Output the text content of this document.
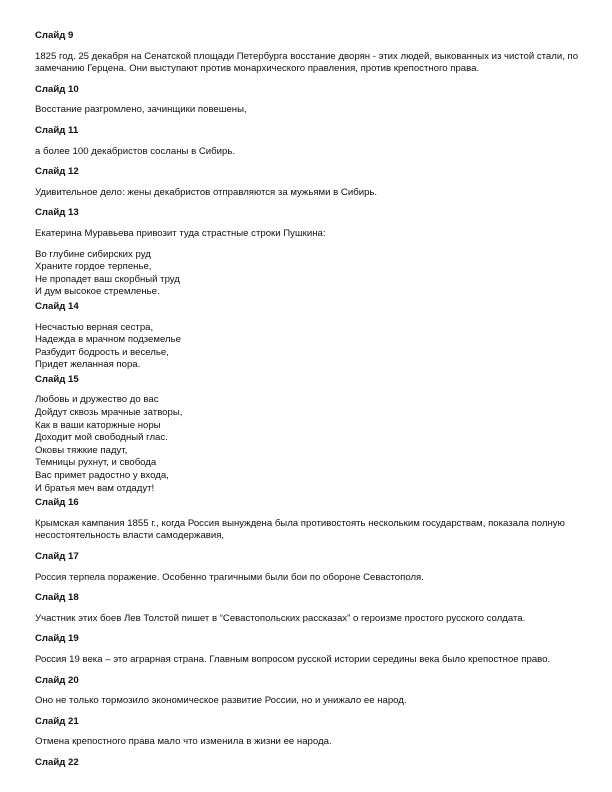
Слайд 9

1825 год. 25 декабря на Сенатской площади Петербурга восстание дворян - этих людей, выкованных из чистой стали, по замечанию Герцена. Они выступают против монархического правления, против крепостного права.

Слайд 10

Восстание разгромлено, зачинщики повешены,

Слайд 11

а более 100 декабристов сосланы в Сибирь.

Слайд 12

Удивительное дело: жены декабристов отправляются за мужьями в Сибирь.

Слайд 13

Екатерина Муравьева привозит туда страстные строки Пушкина:

Во глубине сибирских руд
Храните гордое терпенье,
Не пропадет ваш скорбный труд
И дум высокое стремленье.
Слайд 14
Несчастью верная сестра,
Надежда в мрачном подземелье
Разбудит бодрость и веселье,
Придет желанная пора.
Слайд 15
Любовь и дружество до вас
Дойдут сквозь мрачные затворы,
Как в ваши каторжные норы
Доходит мой свободный глас.
Оковы тяжкие падут,
Темницы рухнут, и свобода
Вас примет радостно у входа,
И братья меч вам отдадут!
Слайд 16

Крымская кампания 1855 г., когда Россия вынуждена была противостоять нескольким государствам, показала полную несостоятельность власти самодержавия,

Слайд 17

Россия терпела поражение. Особенно трагичными были бои по обороне Севастополя.

Слайд 18

Участник этих боев Лев Толстой пишет в “Севастопольских рассказах” о героизме простого русского солдата.

Слайд 19

Россия 19 века – это аграрная страна. Главным вопросом русской истории середины века было крепостное право.

Слайд 20

Оно не только тормозило экономическое развитие России, но и унижало ее народ.

Слайд 21

Отмена крепостного права мало что изменила в жизни ее народа.

Слайд 22
